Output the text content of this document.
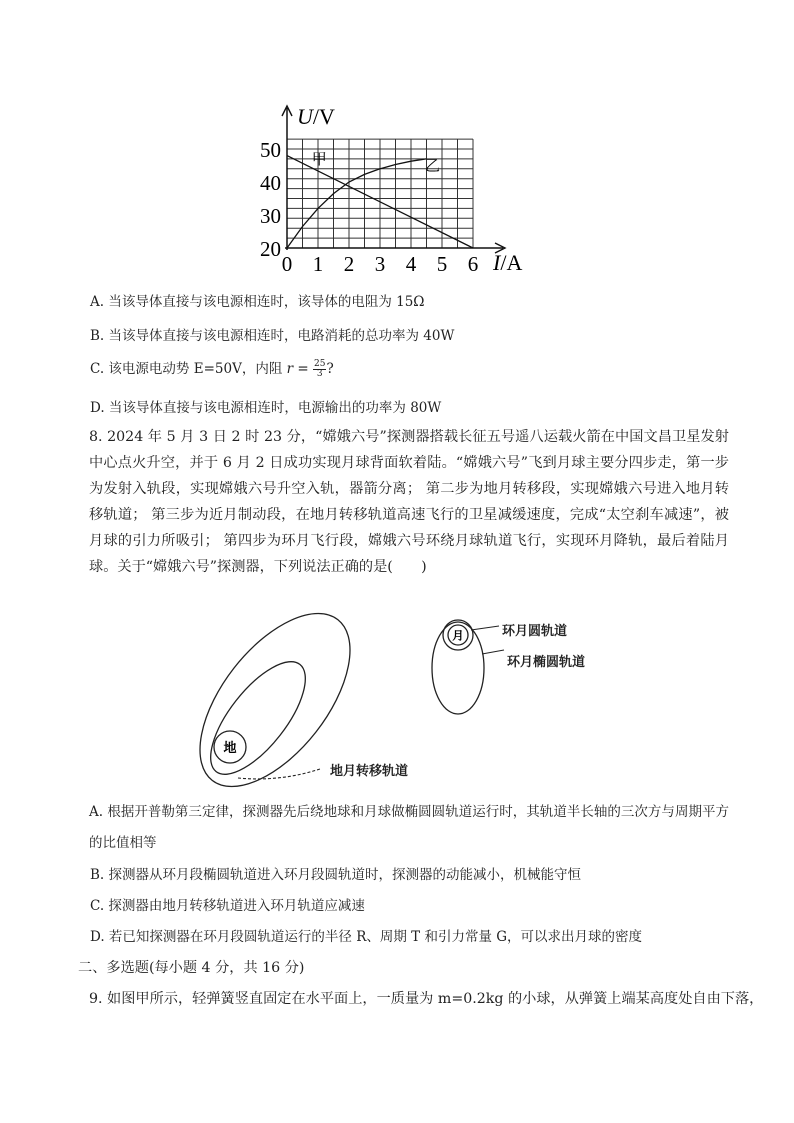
0 1 2 3 4 5 6
20
30
40
50
U/V
I/A
甲	乙
A. 当该导体直接与该电源相连时，该导体的电阻为 15Ω
B. 当该导体直接与该电源相连时，电路消耗的总功率为 40W
C. 该电源电动势 E=50V，内阻 $r = \frac{25}{3}$ ?
D. 当该导体直接与该电源相连时，电源输出的功率为 80W
8. 2024 年 5 月 3 日 2 时 23 分，“嫦娥六号”探测器搭载长征五号遥八运载火箭在中国文昌卫星发射中心点火升空，并于 6 月 2 日成功实现月球背面软着陆。“嫦娥六号”飞到月球主要分四步走，第一步为发射入轨段，实现嫦娥六号升空入轨，器箭分离； 第二步为地月转移段，实现嫦娥六号进入地月转移轨道； 第三步为近月制动段，在地月转移轨道高速飞行的卫星减缓速度，完成“太空刹车减速”，被月球的引力所吸引； 第四步为环月飞行段，嫦娥六号环绕月球轨道飞行，实现环月降轨，最后着陆月球。关于“嫦娥六号”探测器，下列说法正确的是(　　)
地
月	环月圆轨道
环月椭圆轨道
地月转移轨道
A. 根据开普勒第三定律，探测器先后绕地球和月球做椭圆圆轨道运行时，其轨道半长轴的三次方与周期平方的比值相等
B. 探测器从环月段椭圆轨道进入环月段圆轨道时，探测器的动能减小，机械能守恒
C. 探测器由地月转移轨道进入环月轨道应减速
D. 若已知探测器在环月段圆轨道运行的半径 R、周期 T 和引力常量 G，可以求出月球的密度
二、多选题(每小题 4 分，共 16 分)
9. 如图甲所示，轻弹簧竖直固定在水平面上，一质量为 m=0.2kg 的小球，从弹簧上端某高度处自由下落，
